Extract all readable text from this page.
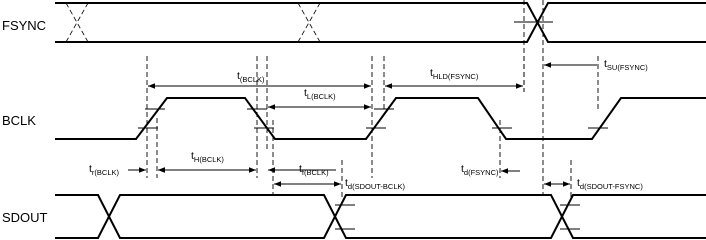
FSYNC
BCLK
SDOUT
$t_{(BCLK)}$
$t_{L(BCLK)}$
$t_{HLD(FSYNC)}$
$t_{SU(FSYNC)}$
$t_{r(BCLK)}$
$t_{H(BCLK)}$
$t_{f(BCLK)}$
$t_{d(SDOUT-BCLK)}$
$t_{d(FSYNC)}$
$t_{d(SDOUT-FSYNC)}$
